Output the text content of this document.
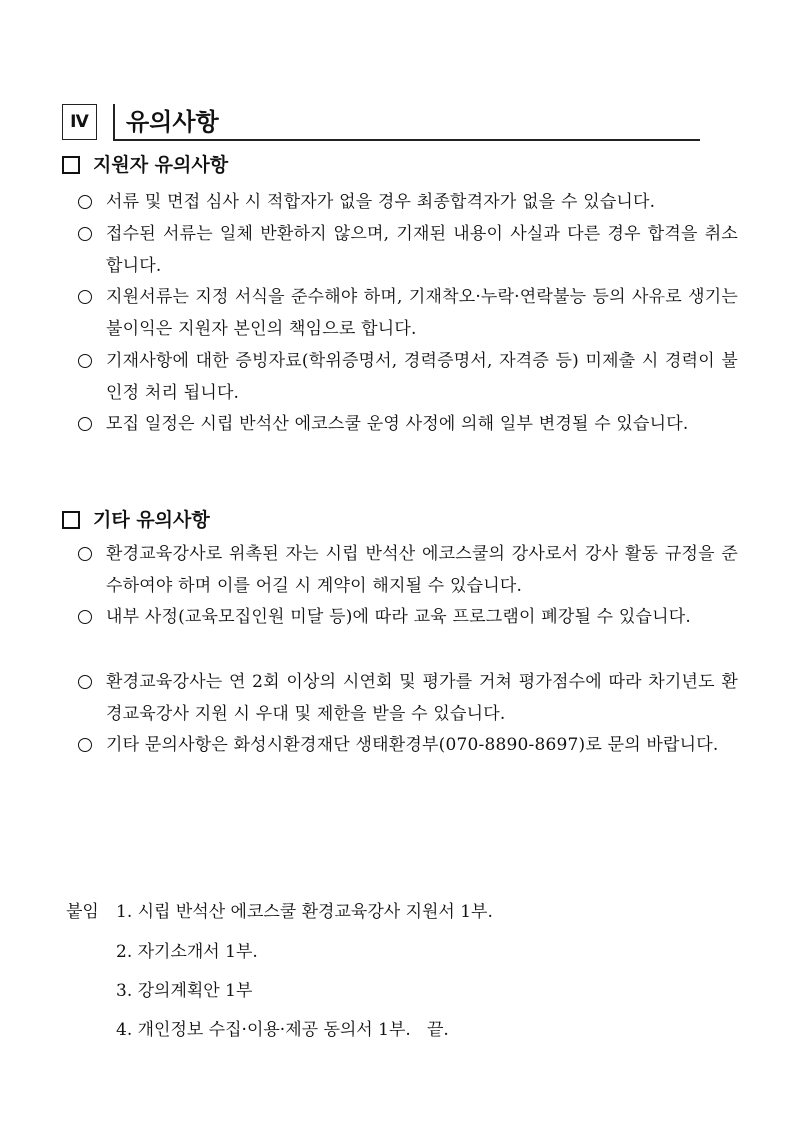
Ⅳ 유의사항
지원자 유의사항
서류 및 면접 심사 시 적합자가 없을 경우 최종합격자가 없을 수 있습니다.
접수된 서류는 일체 반환하지 않으며, 기재된 내용이 사실과 다른 경우 합격을 취소합니다.
지원서류는 지정 서식을 준수해야 하며, 기재착오·누락·연락불능 등의 사유로 생기는 불이익은 지원자 본인의 책임으로 합니다.
기재사항에 대한 증빙자료(학위증명서, 경력증명서, 자격증 등) 미제출 시 경력이 불인정 처리 됩니다.
모집 일정은 시립 반석산 에코스쿨 운영 사정에 의해 일부 변경될 수 있습니다.
기타 유의사항
환경교육강사로 위촉된 자는 시립 반석산 에코스쿨의 강사로서 강사 활동 규정을 준수하여야 하며 이를 어길 시 계약이 해지될 수 있습니다.
내부 사정(교육모집인원 미달 등)에 따라 교육 프로그램이 폐강될 수 있습니다.
환경교육강사는 연 2회 이상의 시연회 및 평가를 거쳐 평가점수에 따라 차기년도 환경교육강사 지원 시 우대 및 제한을 받을 수 있습니다.
기타 문의사항은 화성시환경재단 생태환경부(070-8890-8697)로 문의 바랍니다.
붙임 1. 시립 반석산 에코스쿨 환경교육강사 지원서 1부.
2. 자기소개서 1부.
3. 강의계획안 1부
4. 개인정보 수집·이용·제공 동의서 1부.   끝.
